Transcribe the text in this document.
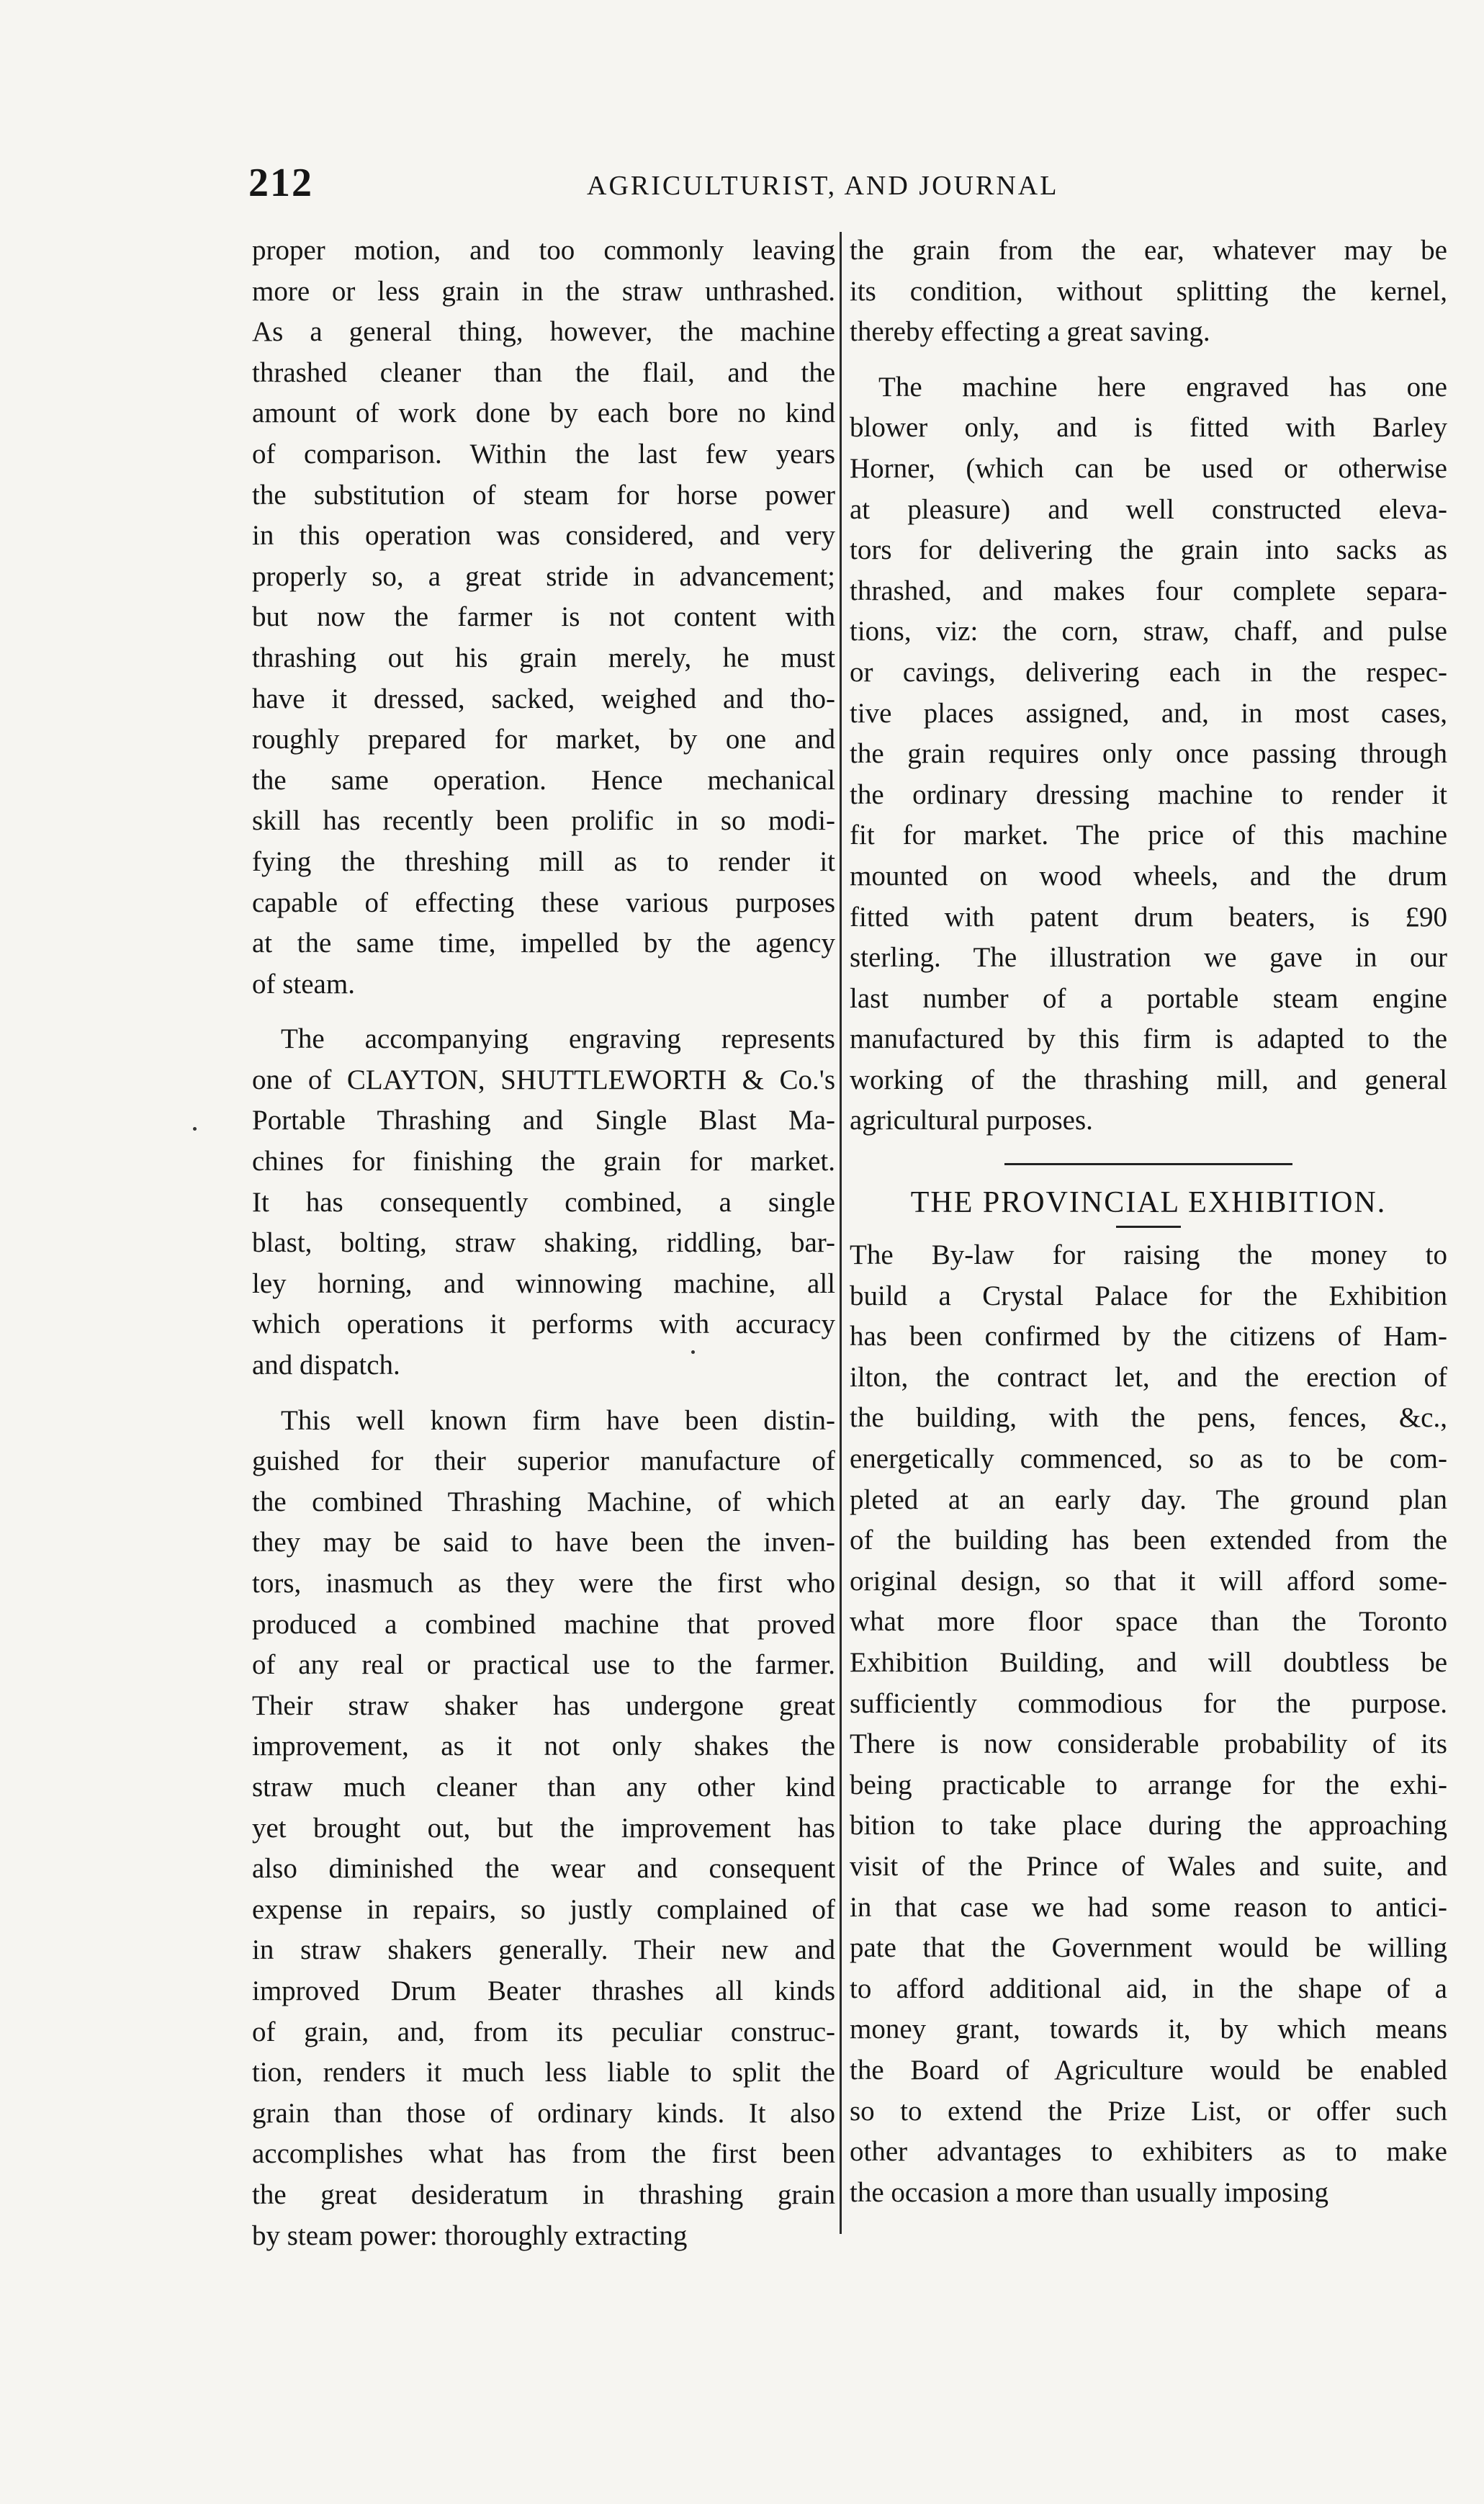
212	AGRICULTURIST, AND JOURNAL
proper motion, and too commonly leaving
more or less grain in the straw unthrashed.
As a general thing, however, the machine
thrashed cleaner than the flail, and the
amount of work done by each bore no kind
of comparison. Within the last few years
the substitution of steam for horse power
in this operation was considered, and very
properly so, a great stride in advancement;
but now the farmer is not content with
thrashing out his grain merely, he must
have it dressed, sacked, weighed and tho-
roughly prepared for market, by one and
the same operation. Hence mechanical
skill has recently been prolific in so modi-
fying the threshing mill as to render it
capable of effecting these various purposes
at the same time, impelled by the agency
of steam.
The accompanying engraving represents
one of CLAYTON, SHUTTLEWORTH & Co.'s
Portable Thrashing and Single Blast Ma-
chines for finishing the grain for market.
It has consequently combined, a single
blast, bolting, straw shaking, riddling, bar-
ley horning, and winnowing machine, all
which operations it performs with accuracy
and dispatch.
This well known firm have been distin-
guished for their superior manufacture of
the combined Thrashing Machine, of which
they may be said to have been the inven-
tors, inasmuch as they were the first who
produced a combined machine that proved
of any real or practical use to the farmer.
Their straw shaker has undergone great
improvement, as it not only shakes the
straw much cleaner than any other kind
yet brought out, but the improvement has
also diminished the wear and consequent
expense in repairs, so justly complained of
in straw shakers generally. Their new and
improved Drum Beater thrashes all kinds
of grain, and, from its peculiar construc-
tion, renders it much less liable to split the
grain than those of ordinary kinds. It also
accomplishes what has from the first been
the great desideratum in thrashing grain
by steam power: thoroughly extracting
the grain from the ear, whatever may be
its condition, without splitting the kernel,
thereby effecting a great saving.
The machine here engraved has one
blower only, and is fitted with Barley
Horner, (which can be used or otherwise
at pleasure) and well constructed eleva-
tors for delivering the grain into sacks as
thrashed, and makes four complete separa-
tions, viz: the corn, straw, chaff, and pulse
or cavings, delivering each in the respec-
tive places assigned, and, in most cases,
the grain requires only once passing through
the ordinary dressing machine to render it
fit for market. The price of this machine
mounted on wood wheels, and the drum
fitted with patent drum beaters, is £90
sterling. The illustration we gave in our
last number of a portable steam engine
manufactured by this firm is adapted to the
working of the thrashing mill, and general
agricultural purposes.
THE PROVINCIAL EXHIBITION.
The By-law for raising the money to
build a Crystal Palace for the Exhibition
has been confirmed by the citizens of Ham-
ilton, the contract let, and the erection of
the building, with the pens, fences, &c.,
energetically commenced, so as to be com-
pleted at an early day. The ground plan
of the building has been extended from the
original design, so that it will afford some-
what more floor space than the Toronto
Exhibition Building, and will doubtless be
sufficiently commodious for the purpose.
There is now considerable probability of its
being practicable to arrange for the exhi-
bition to take place during the approaching
visit of the Prince of Wales and suite, and
in that case we had some reason to antici-
pate that the Government would be willing
to afford additional aid, in the shape of a
money grant, towards it, by which means
the Board of Agriculture would be enabled
so to extend the Prize List, or offer such
other advantages to exhibiters as to make
the occasion a more than usually imposing
